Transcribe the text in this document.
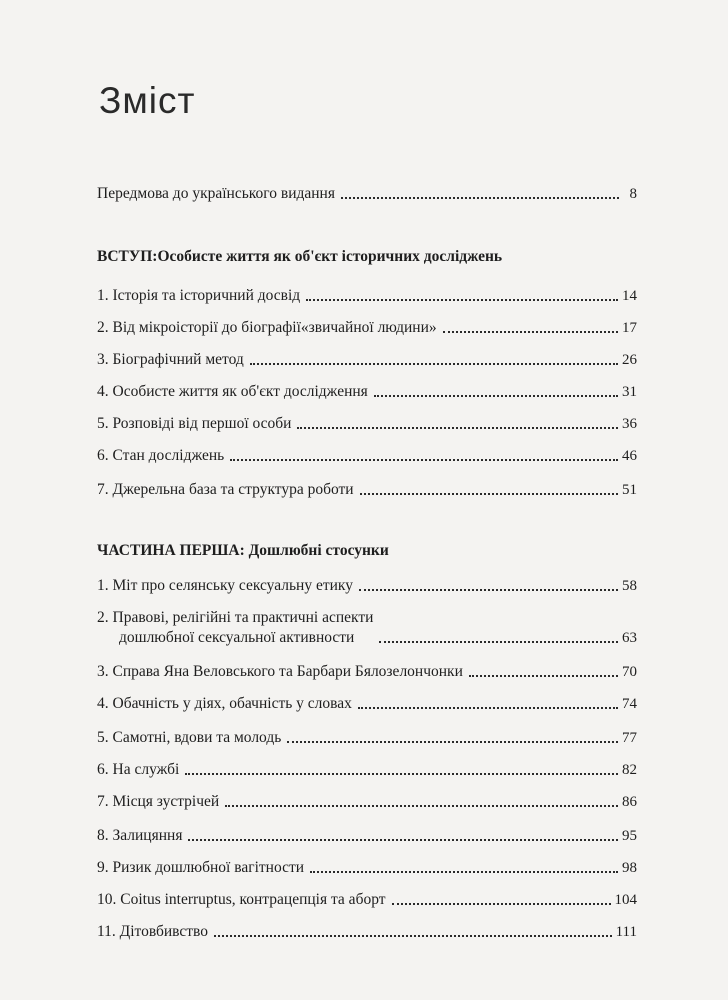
Зміст
Передмова до українського видання	8
ВСТУП:Особисте життя як об'єкт історичних досліджень
1. Історія та історичний досвід	14
2. Від мікроісторії до біографії«звичайної людини»	17
3. Біографічний метод	26
4. Особисте життя як об'єкт дослідження	31
5. Розповіді від першої особи	36
6. Стан досліджень	46
7. Джерельна база та структура роботи	51
ЧАСТИНА ПЕРША: Дошлюбні стосунки
1. Міт про селянську сексуальну етику	58
2. Правові, релігійні та практичні аспекти
дошлюбної сексуальної активности	63
3. Справа Яна Веловського та Барбари Бялозелончонки	70
4. Обачність у діях, обачність у словах	74
5. Самотні, вдови та молодь	77
6. На службі	82
7. Місця зустрічей	86
8. Залицяння	95
9. Ризик дошлюбної вагітности	98
10. Coitus interruptus, контрацепція та аборт	104
11. Дітовбивство	111
